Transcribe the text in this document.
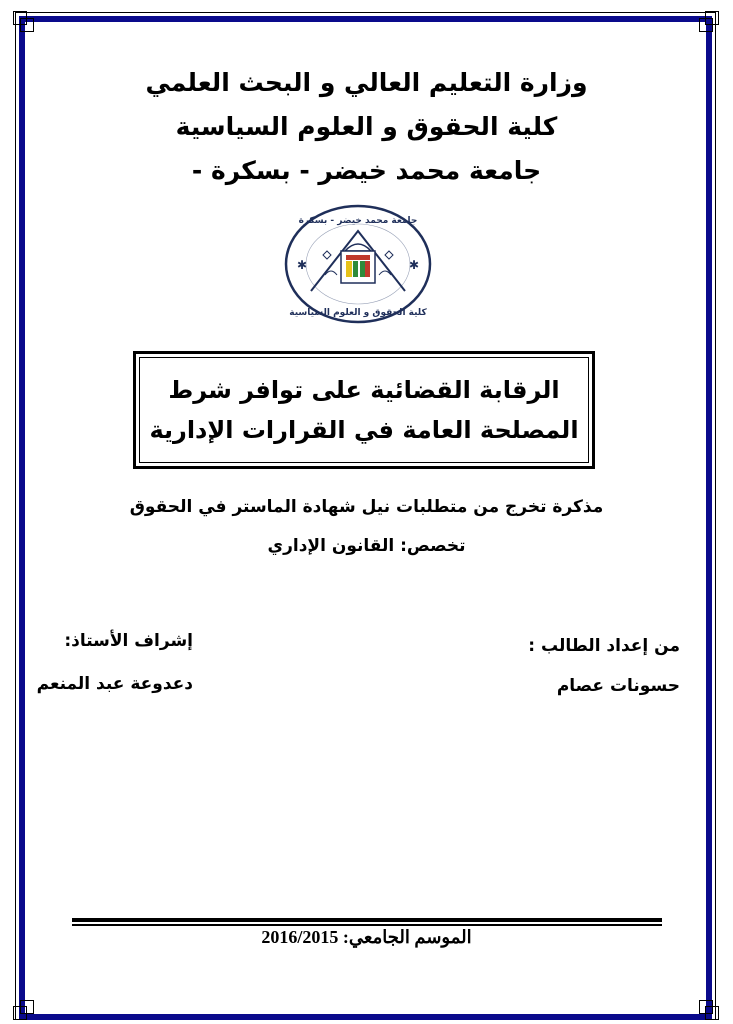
وزارة التعليم العالي و البحث العلمي
كلية الحقوق و العلوم السياسية
جامعة محمد خيضر - بسكرة -
جامعة محمد خيضر - بسكرة
كلية الحقوق و العلوم السياسية
✱	✱
الرقابة القضائية على توافر شرط
المصلحة العامة في القرارات الإدارية
مذكرة تخرج من متطلبات نيل شهادة الماستر في الحقوق
تخصص: القانون الإداري
من إعداد الطالب :
حسونات عصام
إشراف الأستاذ:
دعدوعة عبد المنعم
الموسم الجامعي: 2016/2015
